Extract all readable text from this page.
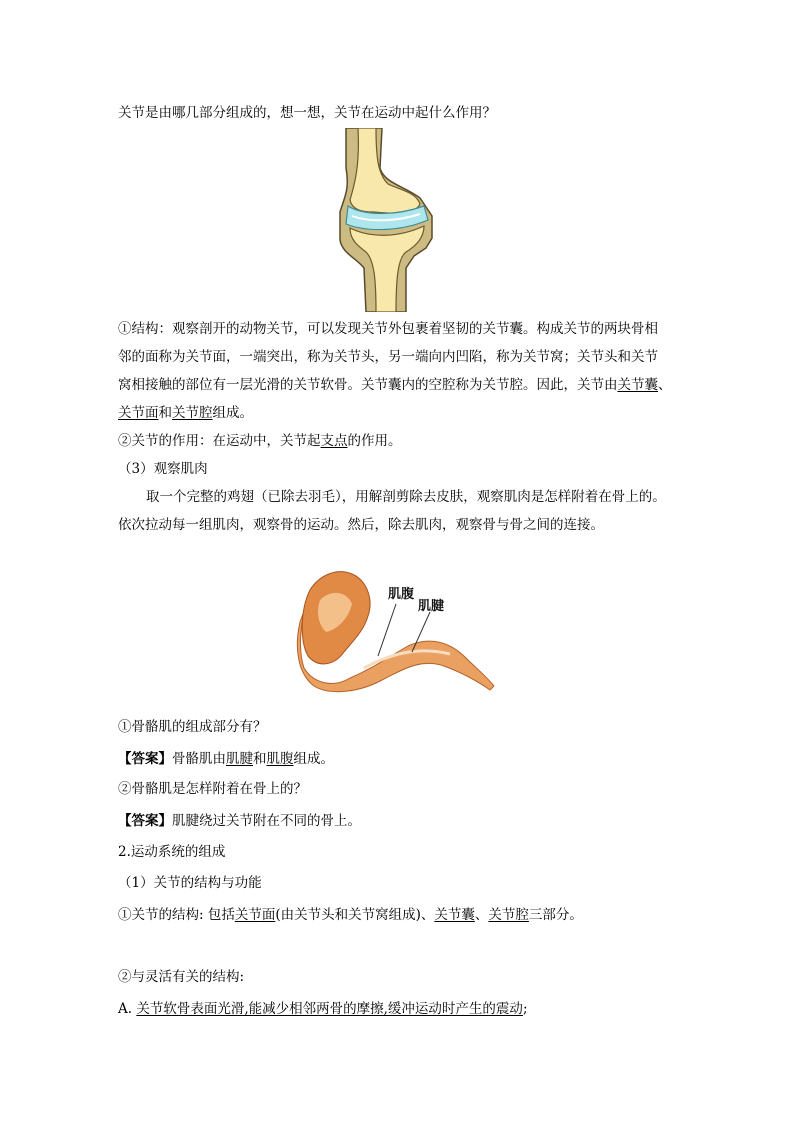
关节是由哪几部分组成的，想一想，关节在运动中起什么作用？
①结构：观察剖开的动物关节，可以发现关节外包裹着坚韧的关节囊。构成关节的两块骨相
邻的面称为关节面，一端突出，称为关节头，另一端向内凹陷，称为关节窝；关节头和关节
窝相接触的部位有一层光滑的关节软骨。关节囊内的空腔称为关节腔。因此，关节由关节囊、
关节面和关节腔组成。
②关节的作用：在运动中，关节起支点的作用。
（3）观察肌肉
取一个完整的鸡翅（已除去羽毛），用解剖剪除去皮肤，观察肌肉是怎样附着在骨上的。
依次拉动每一组肌肉，观察骨的运动。然后，除去肌肉，观察骨与骨之间的连接。
肌腹
肌腱
①骨骼肌的组成部分有？
【答案】骨骼肌由肌腱和肌腹组成。
②骨骼肌是怎样附着在骨上的？
【答案】肌腱绕过关节附在不同的骨上。
2.运动系统的组成
（1）关节的结构与功能
①关节的结构: 包括关节面(由关节头和关节窝组成)、关节囊、关节腔三部分。
②与灵活有关的结构:
A. 关节软骨表面光滑,能减少相邻两骨的摩擦,缓冲运动时产生的震动;
